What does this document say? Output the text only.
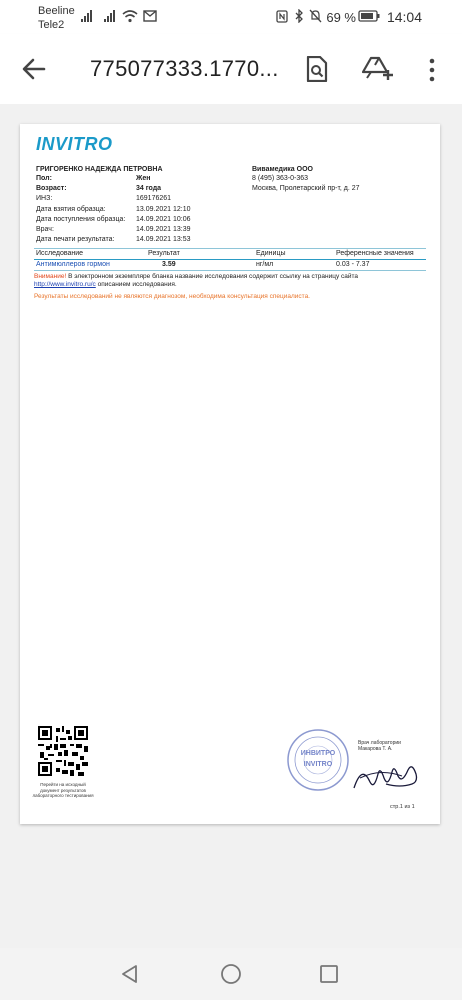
Beeline
Tele2	69 % 14:04
775077333.1770...
INVITRO
ГРИГОРЕНКО НАДЕЖДА ПЕТРОВНА
Пол:	Жен
Возраст:	34 года
ИНЗ:	169176261
Дата взятия образца:	13.09.2021 12:10
Дата поступления образца: 14.09.2021 10:06
Врач:	14.09.2021 13:39
Дата печати результата:	14.09.2021 13:53
Вивамедика ООО
8 (495) 363-0-363
Москва, Пролетарский пр-т, д. 27
Исследование	Результат	Единицы	Референсные значения
Антимюллеров гормон	3.59	нг/мл	0.03 - 7.37
Внимание! В электронном экземпляре бланка название исследования содержит ссылку на страницу сайта
http://www.invitro.ru/c описанием исследования.
Результаты исследований не являются диагнозом, необходима консультация специалиста.
Перейти на исходный
документ результатов
лабораторного тестирования
ИНВИТРО
INVITRO
Врач лаборатории
Макарова Т. А.
стр.1 из 1
